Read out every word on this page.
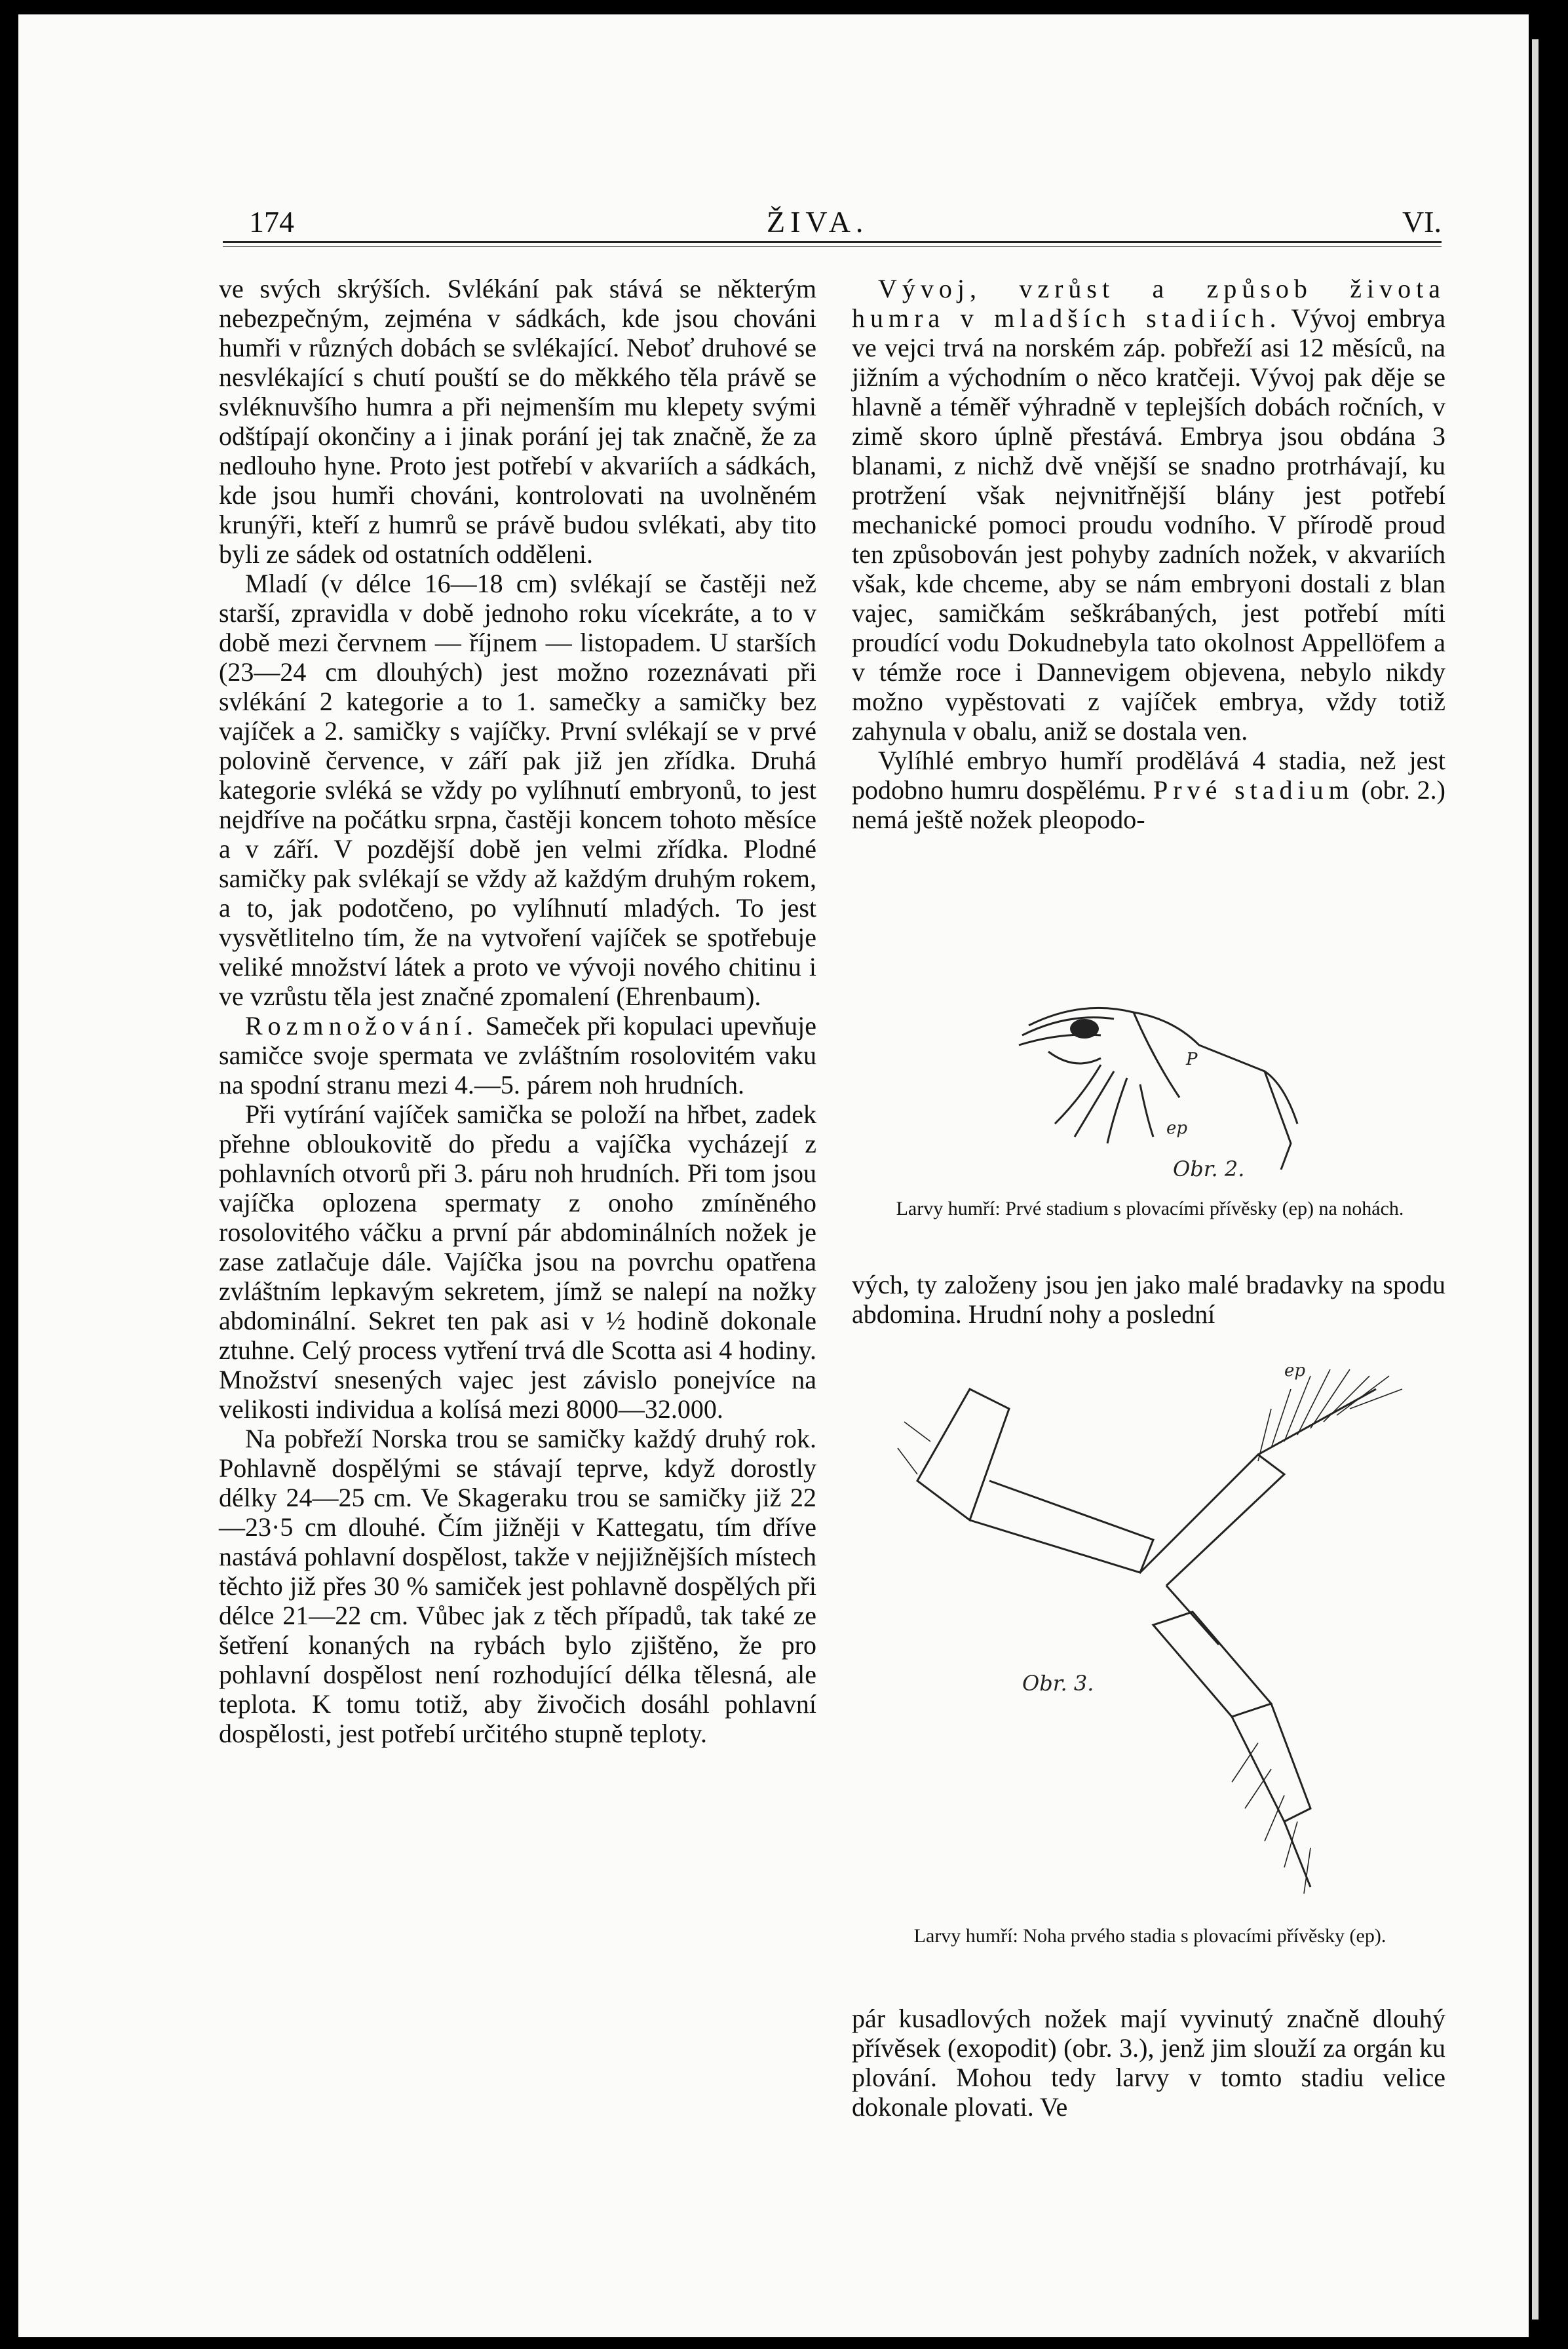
174	ŽIVA.	VI.

ve svých skrýších. Svlékání pak stává se některým nebezpečným, zejména v sádkách, kde jsou chováni humři v různých dobách se svlékající. Neboť druhové se nesvlékající s chutí pouští se do měkkého těla právě se svléknuvšího humra a při nejmenším mu klepety svými odštípají okončiny a i jinak porání jej tak značně, že za nedlouho hyne. Proto jest potřebí v akvariích a sádkách, kde jsou humři chováni, kontrolovati na uvolněném krunýři, kteří z humrů se právě budou svlékati, aby tito byli ze sádek od ostatních odděleni.

Mladí (v délce 16—18 cm) svlékají se častěji než starší, zpravidla v době jednoho roku vícekráte, a to v době mezi červnem — říjnem — listopadem. U starších (23—24 cm dlouhých) jest možno rozeznávati při svlékání 2 kategorie a to 1. samečky a samičky bez vajíček a 2. samičky s vajíčky. První svlékají se v prvé polovině července, v září pak již jen zřídka. Druhá kategorie svléká se vždy po vylíhnutí embryonů, to jest nejdříve na počátku srpna, častěji koncem tohoto měsíce a v září. V pozdější době jen velmi zřídka. Plodné samičky pak svlékají se vždy až každým druhým rokem, a to, jak podotčeno, po vylíhnutí mladých. To jest vysvětlitelno tím, že na vytvoření vajíček se spotřebuje veliké množství látek a proto ve vývoji nového chitinu i ve vzrůstu těla jest značné zpomalení (Ehrenbaum).

Rozmnožování. Sameček při kopulaci upevňuje samičce svoje spermata ve zvláštním rosolovitém vaku na spodní stranu mezi 4.—5. párem noh hrudních.

Při vytírání vajíček samička se položí na hřbet, zadek přehne obloukovitě do předu a vajíčka vycházejí z pohlavních otvorů při 3. páru noh hrudních. Při tom jsou vajíčka oplozena spermaty z onoho zmíněného rosolovitého váčku a první pár abdominálních nožek je zase zatlačuje dále. Vajíčka jsou na povrchu opatřena zvláštním lepkavým sekretem, jímž se nalepí na nožky abdominální. Sekret ten pak asi v ½ hodině dokonale ztuhne. Celý process vytření trvá dle Scotta asi 4 hodiny. Množství snesených vajec jest závislo ponejvíce na velikosti individua a kolísá mezi 8000—32.000.

Na pobřeží Norska trou se samičky každý druhý rok. Pohlavně dospělými se stávají teprve, když dorostly délky 24—25 cm. Ve Skageraku trou se samičky již 22—23·5 cm dlouhé. Čím jižněji v Kattegatu, tím dříve nastává pohlavní dospělost, takže v nejjižnějších místech těchto již přes 30 % samiček jest pohlavně dospělých při délce 21—22 cm. Vůbec jak z těch případů, tak také ze šetření konaných na rybách bylo zjištěno, že pro pohlavní dospělost není rozhodující délka tělesná, ale teplota. K tomu totiž, aby živočich dosáhl pohlavní dospělosti, jest potřebí určitého stupně teploty.

Vývoj, vzrůst a způsob života humra v mladších stadiích. Vývoj embrya ve vejci trvá na norském záp. pobřeží asi 12 měsíců, na jižním a východním o něco kratčeji. Vývoj pak děje se hlavně a téměř výhradně v teplejších dobách ročních, v zimě skoro úplně přestává. Embrya jsou obdána 3 blanami, z nichž dvě vnější se snadno protrhávají, ku protržení však nejvnitřnější blány jest potřebí mechanické pomoci proudu vodního. V přírodě proud ten způsobován jest pohyby zadních nožek, v akvariích však, kde chceme, aby se nám embryoni dostali z blan vajec, samičkám seškrábaných, jest potřebí míti proudící vodu Dokudnebyla tato okolnost Appellöfem a v témže roce i Dannevigem objevena, nebylo nikdy možno vypěstovati z vajíček embrya, vždy totiž zahynula v obalu, aniž se dostala ven.

Vylíhlé embryo humří prodělává 4 stadia, než jest podobno humru dospělému. Prvé stadium (obr. 2.) nemá ještě nožek pleopodo-

P
ep
Obr. 2.
Larvy humří: Prvé stadium s plovacími přívěsky (ep) na nohách.

vých, ty založeny jsou jen jako malé bradavky na spodu abdomina. Hrudní nohy a poslední

ep
Obr. 3.
Larvy humří: Noha prvého stadia s plovacími přívěsky (ep).

pár kusadlových nožek mají vyvinutý značně dlouhý přívěsek (exopodit) (obr. 3.), jenž jim slouží za orgán ku plování. Mohou tedy larvy v tomto stadiu velice dokonale plovati. Ve
